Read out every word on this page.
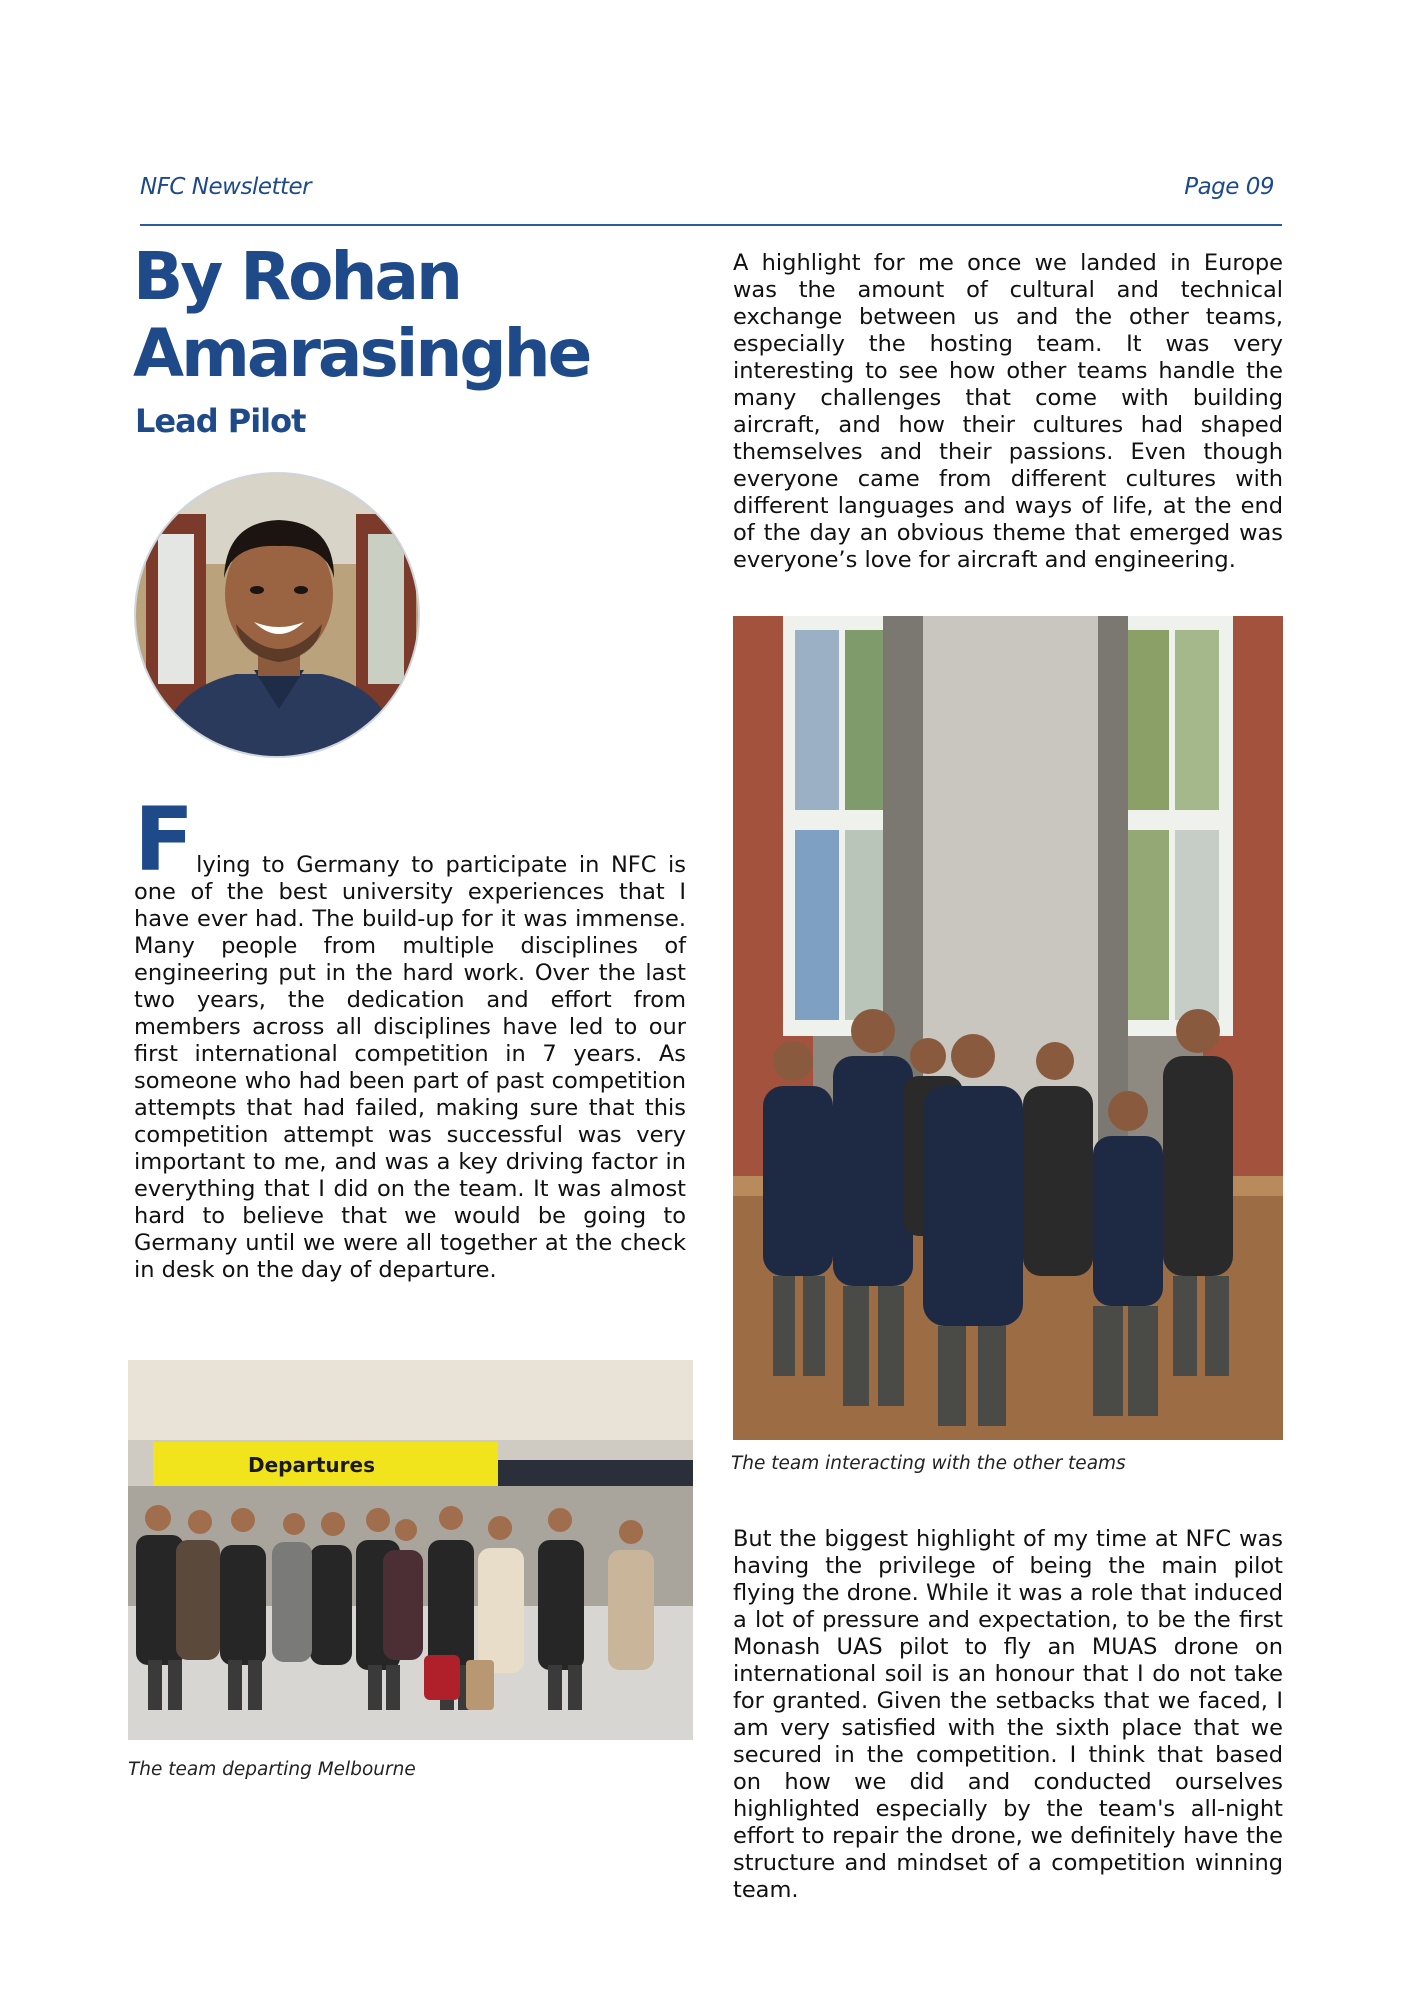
NFC Newsletter	Page 09
By Rohan
Amarasinghe
Lead Pilot
F lying to Germany to participate in NFC is one of the best university experiences that I have ever had. The build-up for it was immense. Many people from multiple disciplines of engineering put in the hard work. Over the last two years, the dedication and effort from members across all disciplines have led to our first international competition in 7 years. As someone who had been part of past competition attempts that had failed, making sure that this competition attempt was successful was very important to me, and was a key driving factor in everything that I did on the team. It was almost hard to believe that we would be going to Germany until we were all together at the check in desk on the day of departure.
A highlight for me once we landed in Europe was the amount of cultural and technical exchange between us and the other teams, especially the hosting team. It was very interesting to see how other teams handle the many challenges that come with building aircraft, and how their cultures had shaped themselves and their passions. Even though everyone came from different cultures with different languages and ways of life, at the end of the day an obvious theme that emerged was everyone’s love for aircraft and engineering.
The team interacting with the other teams
Departures
The team departing Melbourne
But the biggest highlight of my time at NFC was having the privilege of being the main pilot flying the drone. While it was a role that induced a lot of pressure and expectation, to be the first Monash UAS pilot to fly an MUAS drone on international soil is an honour that I do not take for granted. Given the setbacks that we faced, I am very satisfied with the sixth place that we secured in the competition. I think that based on how we did and conducted ourselves highlighted especially by the team's all-night effort to repair the drone, we definitely have the structure and mindset of a competition winning team.
